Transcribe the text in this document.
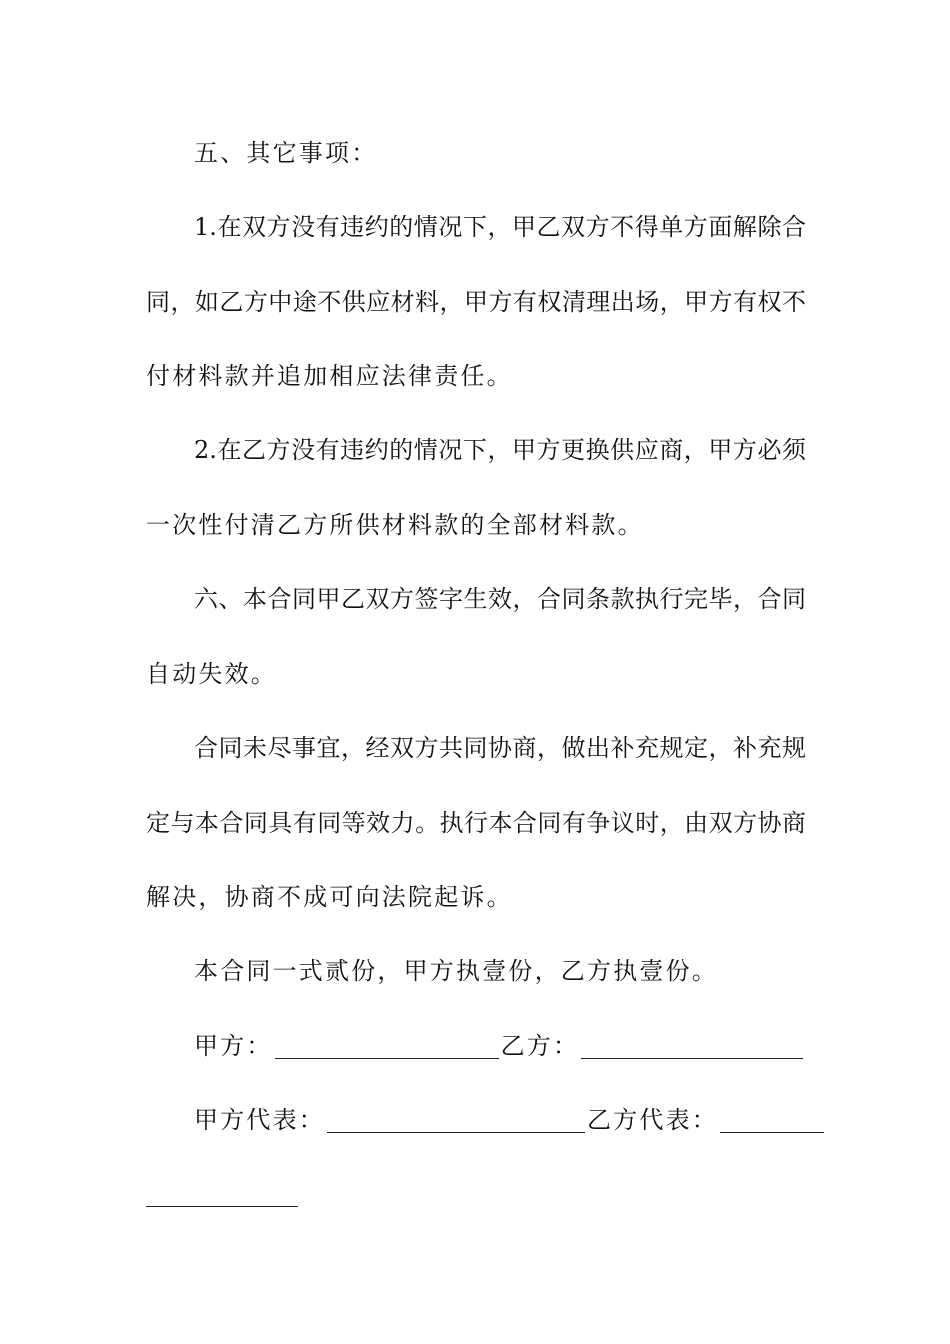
五、其它事项：
1.在双方没有违约的情况下，甲乙双方不得单方面解除合
同，如乙方中途不供应材料，甲方有权清理出场，甲方有权不
付材料款并追加相应法律责任。
2.在乙方没有违约的情况下，甲方更换供应商，甲方必须
一次性付清乙方所供材料款的全部材料款。
六、本合同甲乙双方签字生效，合同条款执行完毕，合同
自动失效。
合同未尽事宜，经双方共同协商，做出补充规定，补充规
定与本合同具有同等效力。执行本合同有争议时，由双方协商
解决，协商不成可向法院起诉。
本合同一式贰份，甲方执壹份，乙方执壹份。
甲方：	乙方：
甲方代表：	乙方代表：
